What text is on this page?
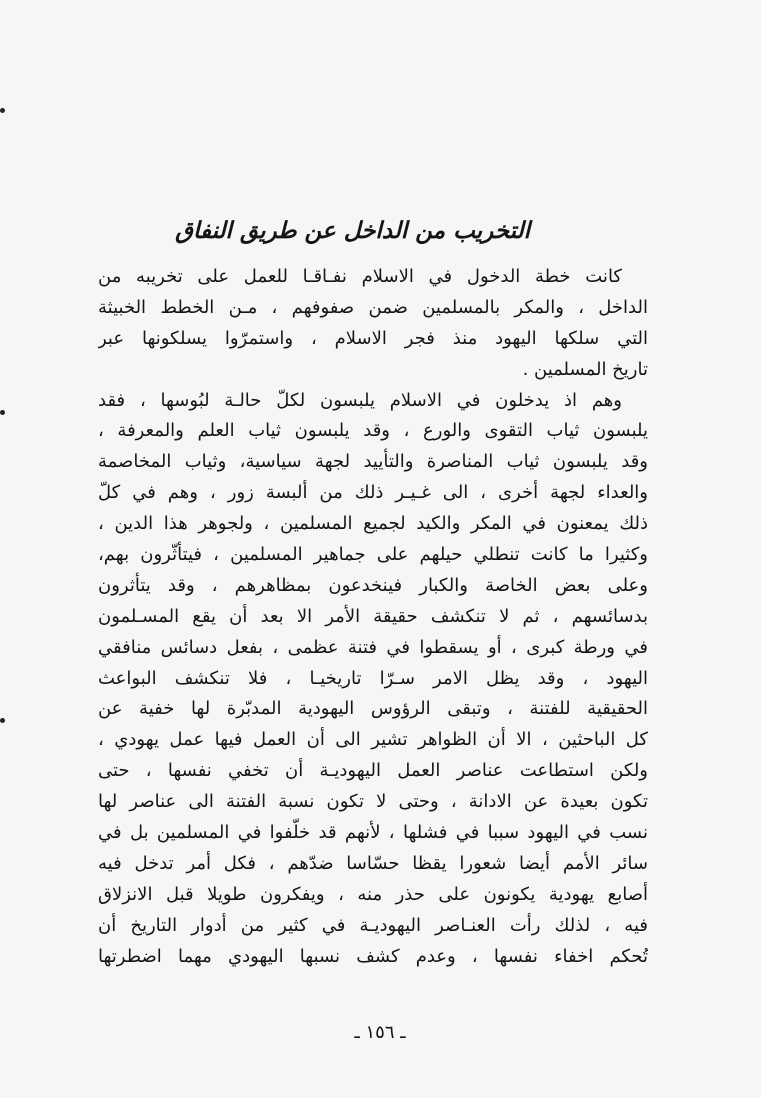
التخريب من الداخل عن طريق النفاق
كانت خطة الدخول في الاسلام نفـاقـا للعمل على تخريبه من
الداخل ، والمكر بالمسلمين ضمن صفوفهم ، مـن الخطط الخبيثة
التي سلكها اليهود منذ فجر الاسلام ، واستمرّوا يسلكونها عبر
تاريخ المسلمين .
وهم اذ يدخلون في الاسلام يلبسون لكلّ حالـة لبُوسها ، فقد
يلبسون ثياب التقوى والورع ، وقد يلبسون ثياب العلم والمعرفة ،
وقد يلبسون ثياب المناصرة والتأييد لجهة سياسية، وثياب المخاصمة
والعداء لجهة أخرى ، الى غـيـر ذلك من ألبسة زور ، وهم في كلّ
ذلك يمعنون في المكر والكيد لجميع المسلمين ، ولجوهر هذا الدين ،
وكثيرا ما كانت تنطلي حيلهم على جماهير المسلمين ، فيتأثّرون بهم،
وعلى بعض الخاصة والكبار فينخدعون بمظاهرهم ، وقد يتأثرون
بدسائسهم ، ثم لا تنكشف حقيقة الأمر الا بعد أن يقع المسـلمون
في ورطة كبرى ، أو يسقطوا في فتنة عظمى ، بفعل دسائس منافقي
اليهود ، وقد يظل الامر سـرّا تاريخيـا ، فلا تنكشف البواعث
الحقيقية للفتنة ، وتبقى الرؤوس اليهودية المدبّرة لها خفية عن
كل الباحثين ، الا أن الظواهر تشير الى أن العمل فيها عمل يهودي ،
ولكن استطاعت عناصر العمل اليهوديـة أن تخفي نفسها ، حتى
تكون بعيدة عن الادانة ، وحتى لا تكون نسبة الفتنة الى عناصر لها
نسب في اليهود سببا في فشلها ، لأنهم قد خلّفوا في المسلمين بل في
سائر الأمم أيضا شعورا يقظا حسّاسا ضدّهم ، فكل أمر تدخل فيه
أصابع يهودية يكونون على حذر منه ، ويفكرون طويلا قبل الانزلاق
فيه ، لذلك رأت العنـاصر اليهوديـة في كثير من أدوار التاريخ أن
تُحكم اخفاء نفسها ، وعدم كشف نسبها اليهودي مهما اضطرتها
ـ ١٥٦ ـ
